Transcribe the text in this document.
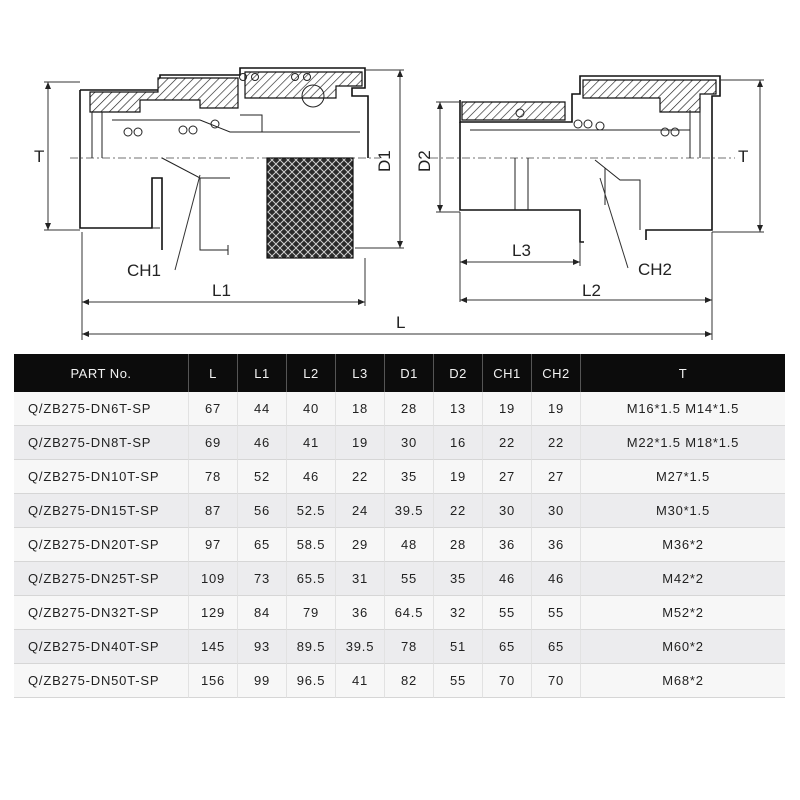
T	D1 D2	T
CH1	CH2
L1
L3
L2
L
PART No.	L	L1	L2	L3	D1	D2	CH1	CH2	T
Q/ZB275-DN6T-SP	67	44	40	18	28	13	19	19	M16*1.5 M14*1.5
Q/ZB275-DN8T-SP	69	46	41	19	30	16	22	22	M22*1.5 M18*1.5
Q/ZB275-DN10T-SP	78	52	46	22	35	19	27	27	M27*1.5
Q/ZB275-DN15T-SP	87	56	52.5	24	39.5	22	30	30	M30*1.5
Q/ZB275-DN20T-SP	97	65	58.5	29	48	28	36	36	M36*2
Q/ZB275-DN25T-SP	109	73	65.5	31	55	35	46	46	M42*2
Q/ZB275-DN32T-SP	129	84	79	36	64.5	32	55	55	M52*2
Q/ZB275-DN40T-SP	145	93	89.5	39.5	78	51	65	65	M60*2
Q/ZB275-DN50T-SP	156	99	96.5	41	82	55	70	70	M68*2
